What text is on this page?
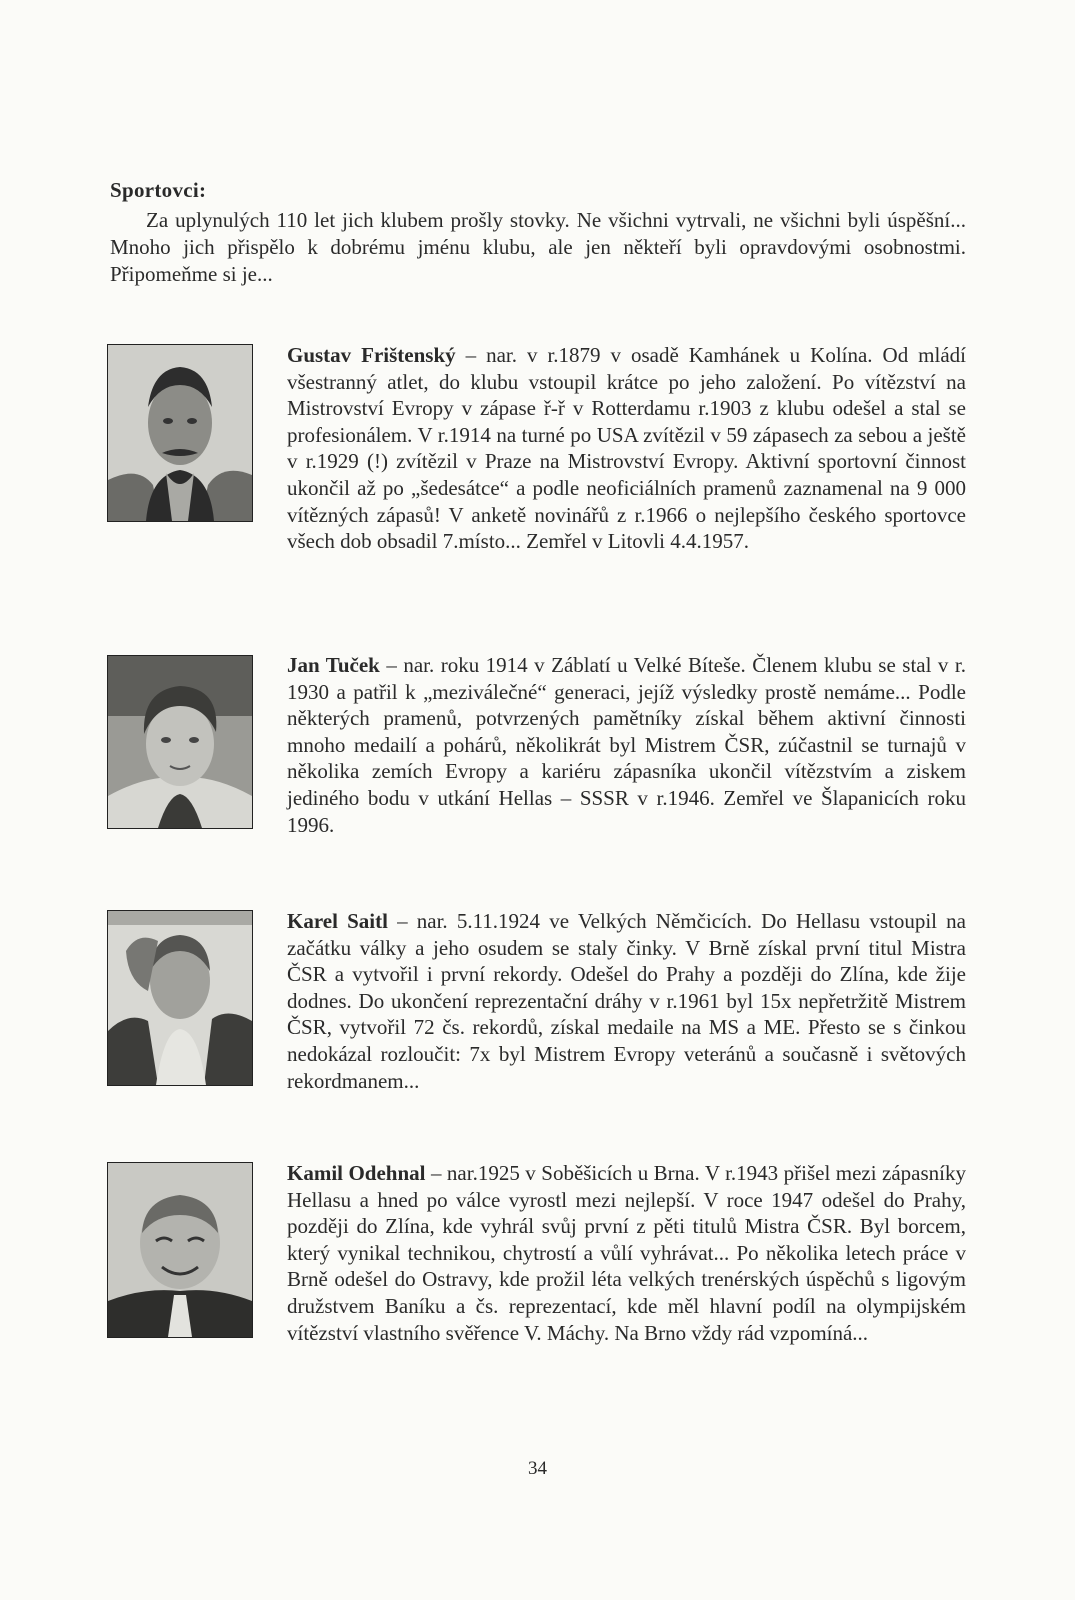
Sportovci:

Za uplynulých 110 let jich klubem prošly stovky. Ne všichni vytrvali, ne všichni byli úspěšní... Mnoho jich přispělo k dobrému jménu klubu, ale jen někteří byli opravdovými osobnostmi. Připomeňme si je...

Gustav Frištenský – nar. v r.1879 v osadě Kamhánek u Kolína. Od mládí všestranný atlet, do klubu vstoupil krátce po jeho založení. Po vítězství na Mistrovství Evropy v zápase ř-ř v Rotterdamu r.1903 z klubu odešel a stal se profesionálem. V r.1914 na turné po USA zvítězil v 59 zápasech za sebou a ještě v r.1929 (!) zvítězil v Praze na Mistrovství Evropy. Aktivní sportovní činnost ukončil až po „šedesátce“ a podle neoficiálních pramenů zaznamenal na 9 000 vítězných zápasů! V anketě novinářů z r.1966 o nejlepšího českého sportovce všech dob obsadil 7.místo... Zemřel v Litovli 4.4.1957.

Jan Tuček – nar. roku 1914 v Záblatí u Velké Bíteše. Členem klubu se stal v r. 1930 a patřil k „meziválečné“ generaci, jejíž výsledky prostě nemáme... Podle některých pramenů, potvrzených pamětníky získal během aktivní činnosti mnoho medailí a pohárů, několikrát byl Mistrem ČSR, zúčastnil se turnajů v několika zemích Evropy a kariéru zápasníka ukončil vítězstvím a ziskem jediného bodu v utkání Hellas – SSSR v r.1946. Zemřel ve Šlapanicích roku 1996.

Karel Saitl – nar. 5.11.1924 ve Velkých Němčicích. Do Hellasu vstoupil na začátku války a jeho osudem se staly činky. V Brně získal první titul Mistra ČSR a vytvořil i první rekordy. Odešel do Prahy a později do Zlína, kde žije dodnes. Do ukončení reprezentační dráhy v r.1961 byl 15x nepřetržitě Mistrem ČSR, vytvořil 72 čs. rekordů, získal medaile na MS a ME. Přesto se s činkou nedokázal rozloučit: 7x byl Mistrem Evropy veteránů a současně i světových rekordmanem...

Kamil Odehnal – nar.1925 v Soběšicích u Brna. V r.1943 přišel mezi zápasníky Hellasu a hned po válce vyrostl mezi nejlepší. V roce 1947 odešel do Prahy, později do Zlína, kde vyhrál svůj první z pěti titulů Mistra ČSR. Byl borcem, který vynikal technikou, chytrostí a vůlí vyhrávat... Po několika letech práce v Brně odešel do Ostravy, kde prožil léta velkých trenérských úspěchů s ligovým družstvem Baníku a čs. reprezentací, kde měl hlavní podíl na olympijském vítězství vlastního svěřence V. Máchy. Na Brno vždy rád vzpomíná...

34
